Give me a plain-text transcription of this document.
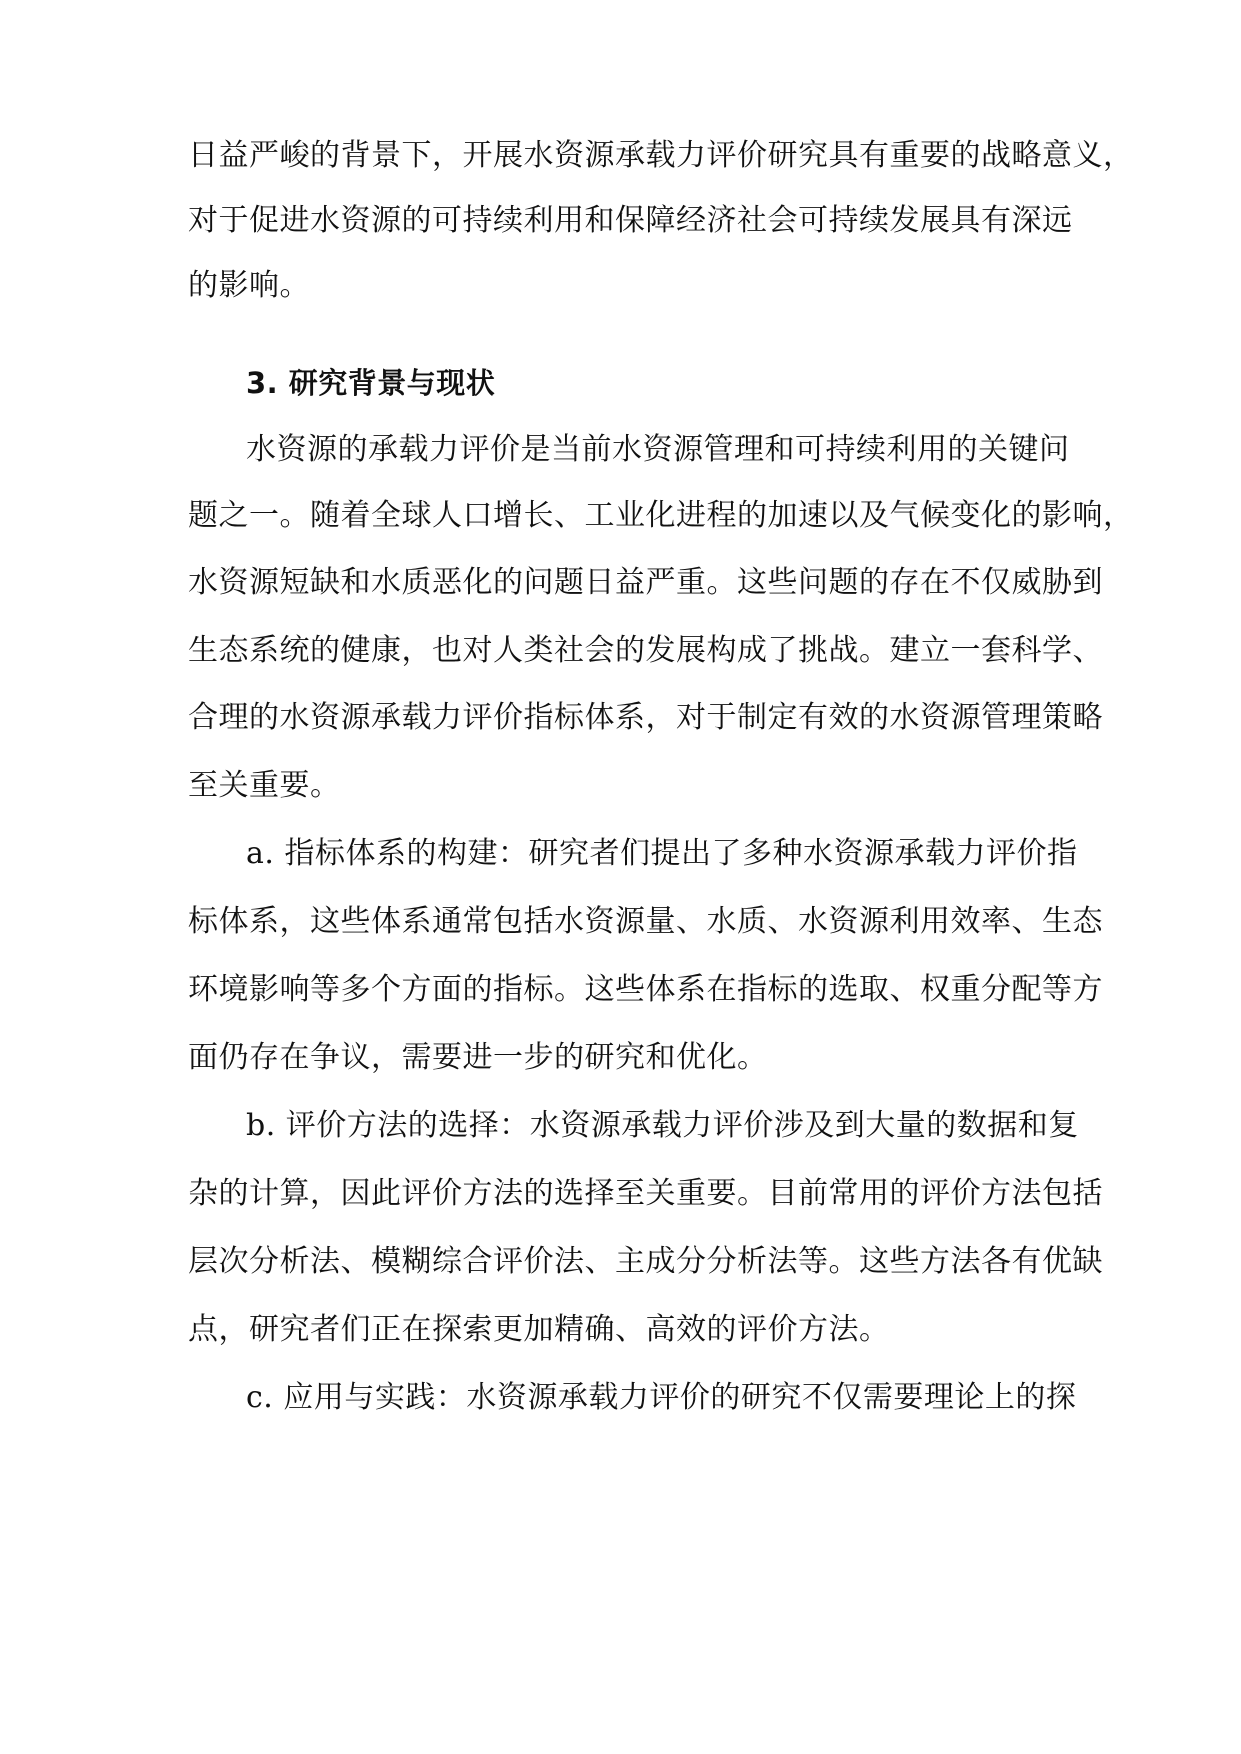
日益严峻的背景下，开展水资源承载力评价研究具有重要的战略意义，
对于促进水资源的可持续利用和保障经济社会可持续发展具有深远
的影响。
3. 研究背景与现状
水资源的承载力评价是当前水资源管理和可持续利用的关键问
题之一。随着全球人口增长、工业化进程的加速以及气候变化的影响，
水资源短缺和水质恶化的问题日益严重。这些问题的存在不仅威胁到
生态系统的健康，也对人类社会的发展构成了挑战。建立一套科学、
合理的水资源承载力评价指标体系，对于制定有效的水资源管理策略
至关重要。
a. 指标体系的构建：研究者们提出了多种水资源承载力评价指
标体系，这些体系通常包括水资源量、水质、水资源利用效率、生态
环境影响等多个方面的指标。这些体系在指标的选取、权重分配等方
面仍存在争议，需要进一步的研究和优化。
b. 评价方法的选择：水资源承载力评价涉及到大量的数据和复
杂的计算，因此评价方法的选择至关重要。目前常用的评价方法包括
层次分析法、模糊综合评价法、主成分分析法等。这些方法各有优缺
点，研究者们正在探索更加精确、高效的评价方法。
c. 应用与实践：水资源承载力评价的研究不仅需要理论上的探
